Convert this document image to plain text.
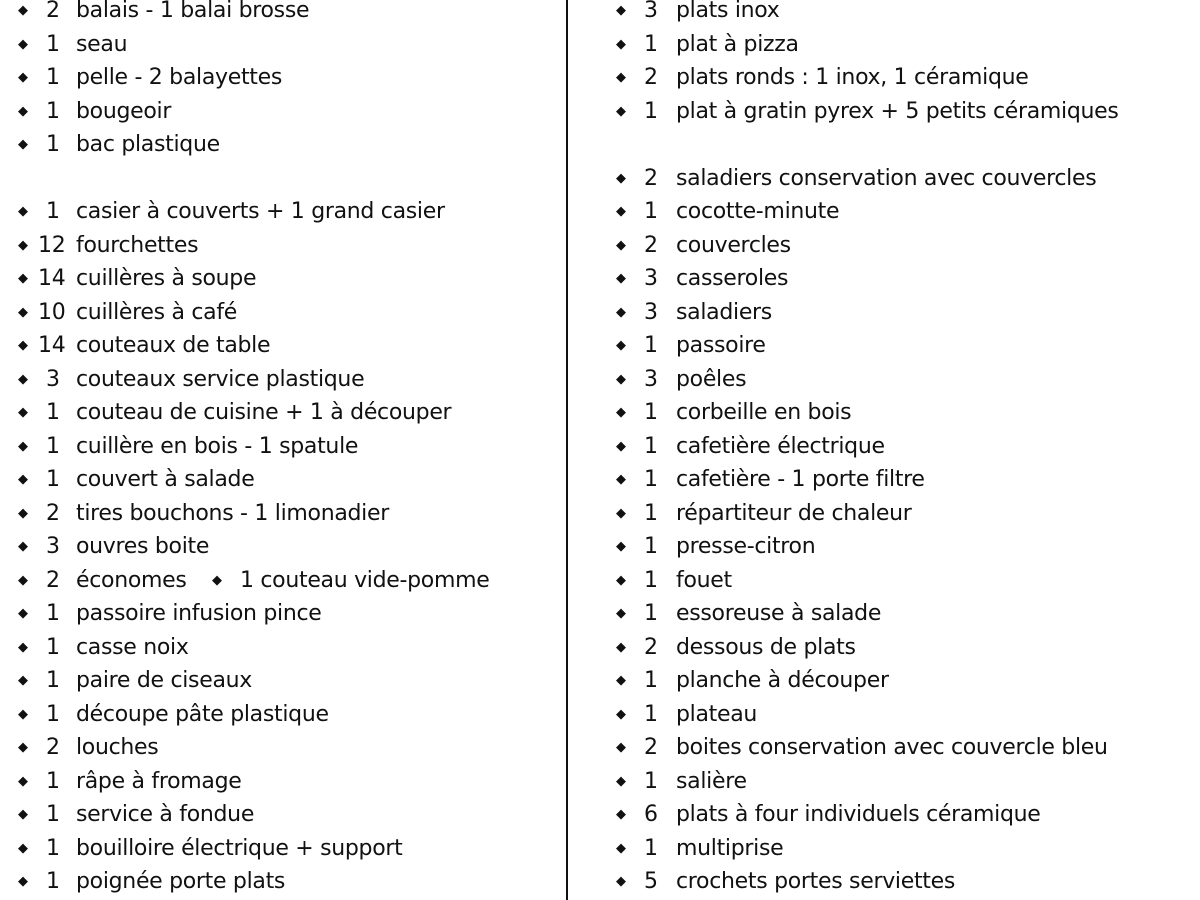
◆ 2 balais - 1 balai brosse
◆ 1 seau
◆ 1 pelle - 2 balayettes
◆ 1 bougeoir
◆ 1 bac plastique
◆ 1 casier à couverts + 1 grand casier
◆ 12 fourchettes
◆ 14 cuillères à soupe
◆ 10 cuillères à café
◆ 14 couteaux de table
◆ 3 couteaux service plastique
◆ 1 couteau de cuisine + 1 à découper
◆ 1 cuillère en bois - 1 spatule
◆ 1 couvert à salade
◆ 2 tires bouchons - 1 limonadier
◆ 3 ouvres boite
◆ 2 économes ◆ 1 couteau vide-pomme
◆ 1 passoire infusion pince
◆ 1 casse noix
◆ 1 paire de ciseaux
◆ 1 découpe pâte plastique
◆ 2 louches
◆ 1 râpe à fromage
◆ 1 service à fondue
◆ 1 bouilloire électrique + support
◆ 1 poignée porte plats
◆ 3 plats inox
◆ 1 plat à pizza
◆ 2 plats ronds : 1 inox, 1 céramique
◆ 1 plat à gratin pyrex + 5 petits céramiques
◆ 2 saladiers conservation avec couvercles
◆ 1 cocotte-minute
◆ 2 couvercles
◆ 3 casseroles
◆ 3 saladiers
◆ 1 passoire
◆ 3 poêles
◆ 1 corbeille en bois
◆ 1 cafetière électrique
◆ 1 cafetière - 1 porte filtre
◆ 1 répartiteur de chaleur
◆ 1 presse-citron
◆ 1 fouet
◆ 1 essoreuse à salade
◆ 2 dessous de plats
◆ 1 planche à découper
◆ 1 plateau
◆ 2 boites conservation avec couvercle bleu
◆ 1 salière
◆ 6 plats à four individuels céramique
◆ 1 multiprise
◆ 5 crochets portes serviettes
